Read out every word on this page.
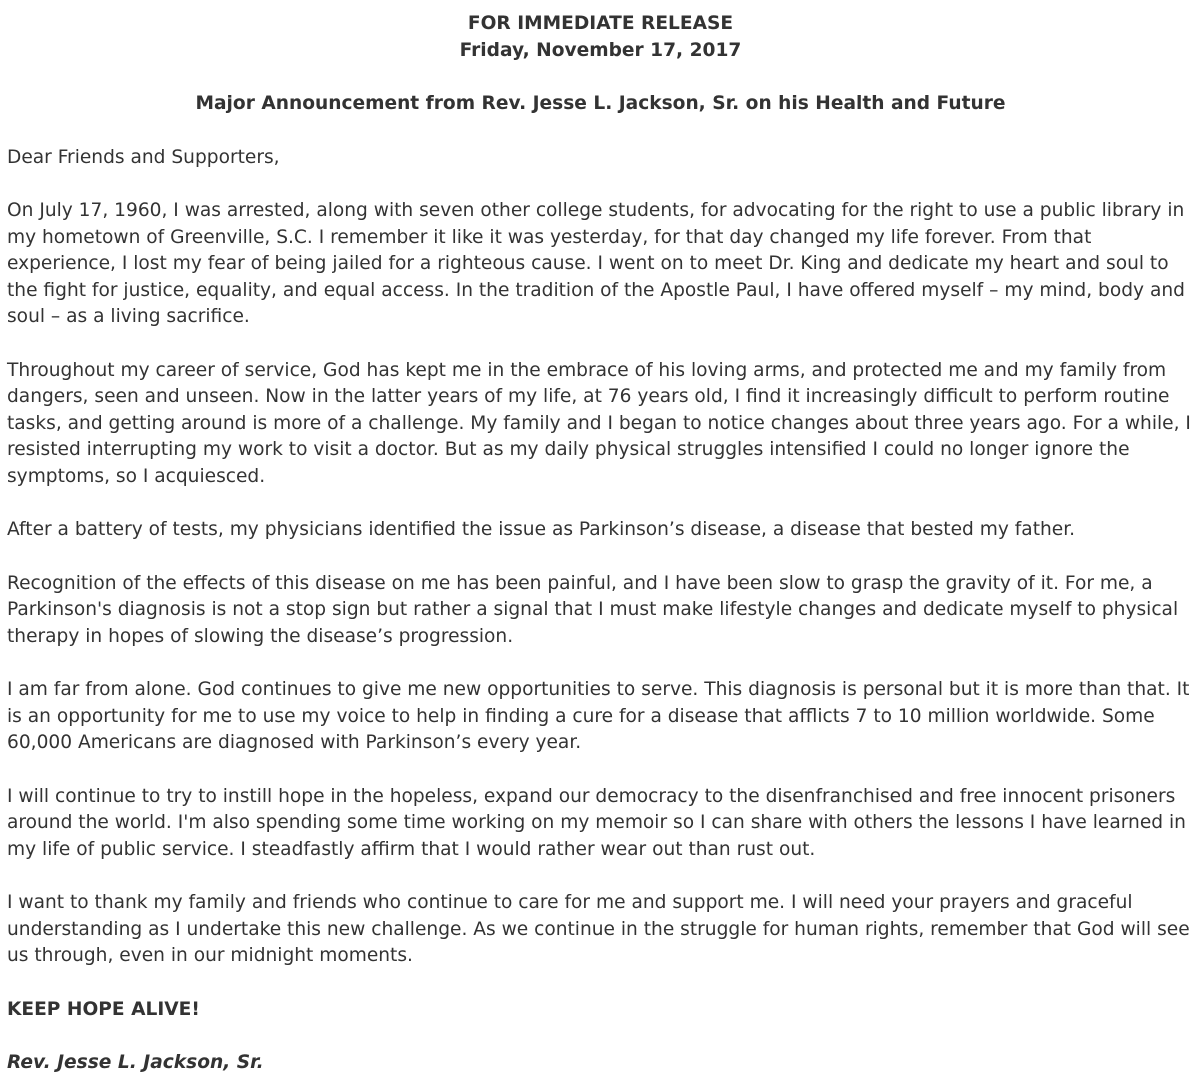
FOR IMMEDIATE RELEASE
Friday, November 17, 2017
Major Announcement from Rev. Jesse L. Jackson, Sr. on his Health and Future
Dear Friends and Supporters,
On July 17, 1960, I was arrested, along with seven other college students, for advocating for the right to use a public library in my hometown of Greenville, S.C. I remember it like it was yesterday, for that day changed my life forever. From that experience, I lost my fear of being jailed for a righteous cause. I went on to meet Dr. King and dedicate my heart and soul to the fight for justice, equality, and equal access. In the tradition of the Apostle Paul, I have offered myself – my mind, body and soul – as a living sacrifice.
Throughout my career of service, God has kept me in the embrace of his loving arms, and protected me and my family from dangers, seen and unseen. Now in the latter years of my life, at 76 years old, I find it increasingly difficult to perform routine tasks, and getting around is more of a challenge. My family and I began to notice changes about three years ago. For a while, I resisted interrupting my work to visit a doctor. But as my daily physical struggles intensified I could no longer ignore the symptoms, so I acquiesced.
After a battery of tests, my physicians identified the issue as Parkinson’s disease, a disease that bested my father.
Recognition of the effects of this disease on me has been painful, and I have been slow to grasp the gravity of it. For me, a Parkinson's diagnosis is not a stop sign but rather a signal that I must make lifestyle changes and dedicate myself to physical therapy in hopes of slowing the disease’s progression.
I am far from alone. God continues to give me new opportunities to serve. This diagnosis is personal but it is more than that. It is an opportunity for me to use my voice to help in finding a cure for a disease that afflicts 7 to 10 million worldwide. Some 60,000 Americans are diagnosed with Parkinson’s every year.
I will continue to try to instill hope in the hopeless, expand our democracy to the disenfranchised and free innocent prisoners around the world. I'm also spending some time working on my memoir so I can share with others the lessons I have learned in my life of public service. I steadfastly affirm that I would rather wear out than rust out.
I want to thank my family and friends who continue to care for me and support me. I will need your prayers and graceful understanding as I undertake this new challenge. As we continue in the struggle for human rights, remember that God will see us through, even in our midnight moments.
KEEP HOPE ALIVE!
Rev. Jesse L. Jackson, Sr.
